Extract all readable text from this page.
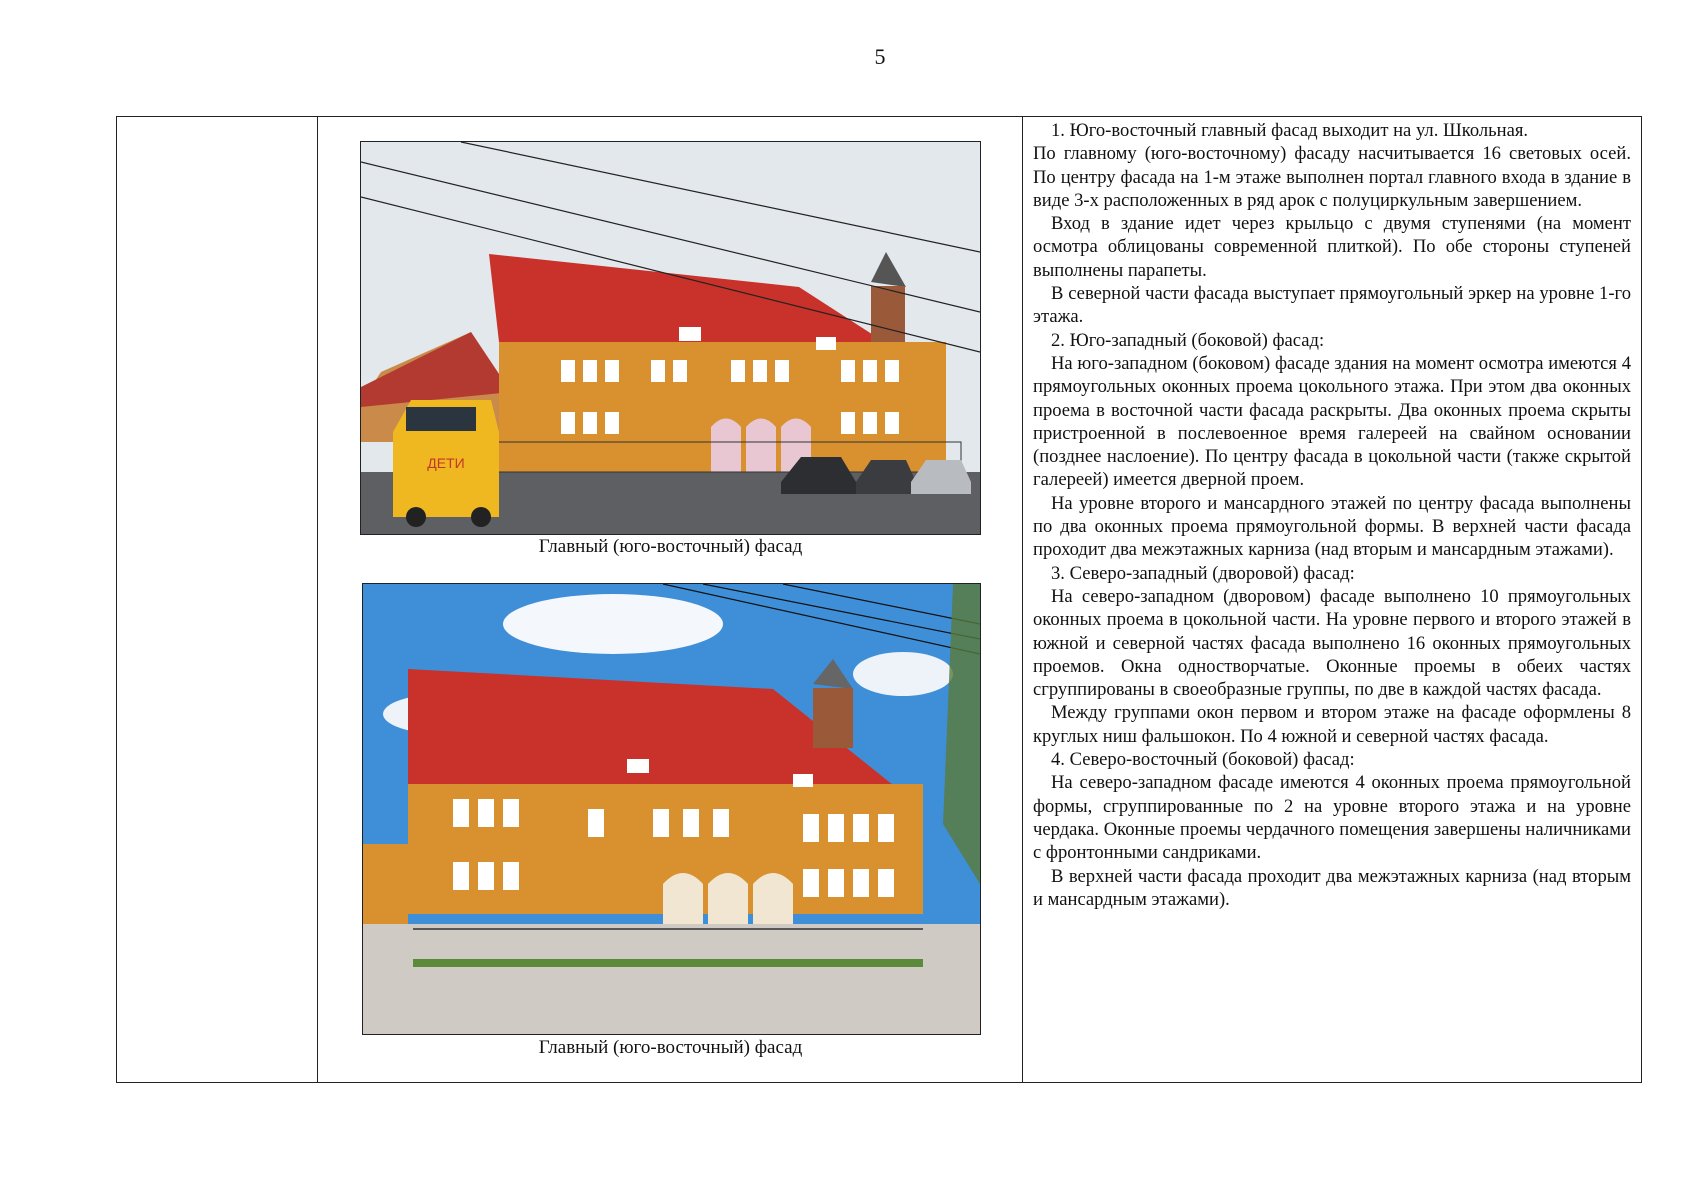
5
ДЕТИ
Главный (юго-восточный) фасад
Главный (юго-восточный) фасад

1. Юго-восточный главный фасад выходит на ул. Школьная.

По главному (юго-восточному) фасаду насчитывается 16 световых осей. По центру фасада на 1-м этаже выполнен портал главного входа в здание в виде 3-х расположенных в ряд арок с полуциркульным завершением.

Вход в здание идет через крыльцо с двумя ступенями (на момент осмотра облицованы современной плиткой). По обе стороны ступеней выполнены парапеты.

В северной части фасада выступает прямоугольный эркер на уровне 1-го этажа.

2. Юго-западный (боковой) фасад:

На юго-западном (боковом) фасаде здания на момент осмотра имеются 4 прямоугольных оконных проема цокольного этажа. При этом два оконных проема в восточной части фасада раскрыты. Два оконных проема скрыты пристроенной в послевоенное время галереей на свайном основании (позднее наслоение). По центру фасада в цокольной части (также скрытой галереей) имеется дверной проем.

На уровне второго и мансардного этажей по центру фасада выполнены по два оконных проема прямоугольной формы. В верхней части фасада проходит два межэтажных карниза (над вторым и мансардным этажами).

3. Северо-западный (дворовой) фасад:

На северо-западном (дворовом) фасаде выполнено 10 прямоугольных оконных проема в цокольной части. На уровне первого и второго этажей в южной и северной частях фасада выполнено 16 оконных прямоугольных проемов. Окна одностворчатые. Оконные проемы в обеих частях сгруппированы в своеобразные группы, по две в каждой частях фасада.

Между группами окон первом и втором этаже на фасаде оформлены 8 круглых ниш фальшокон. По 4 южной и северной частях фасада.

4. Северо-восточный (боковой) фасад:

На северо-западном фасаде имеются 4 оконных проема прямоугольной формы, сгруппированные по 2 на уровне второго этажа и на уровне чердака. Оконные проемы чердачного помещения завершены наличниками с фронтонными сандриками.

В верхней части фасада проходит два межэтажных карниза (над вторым и мансардным этажами).
